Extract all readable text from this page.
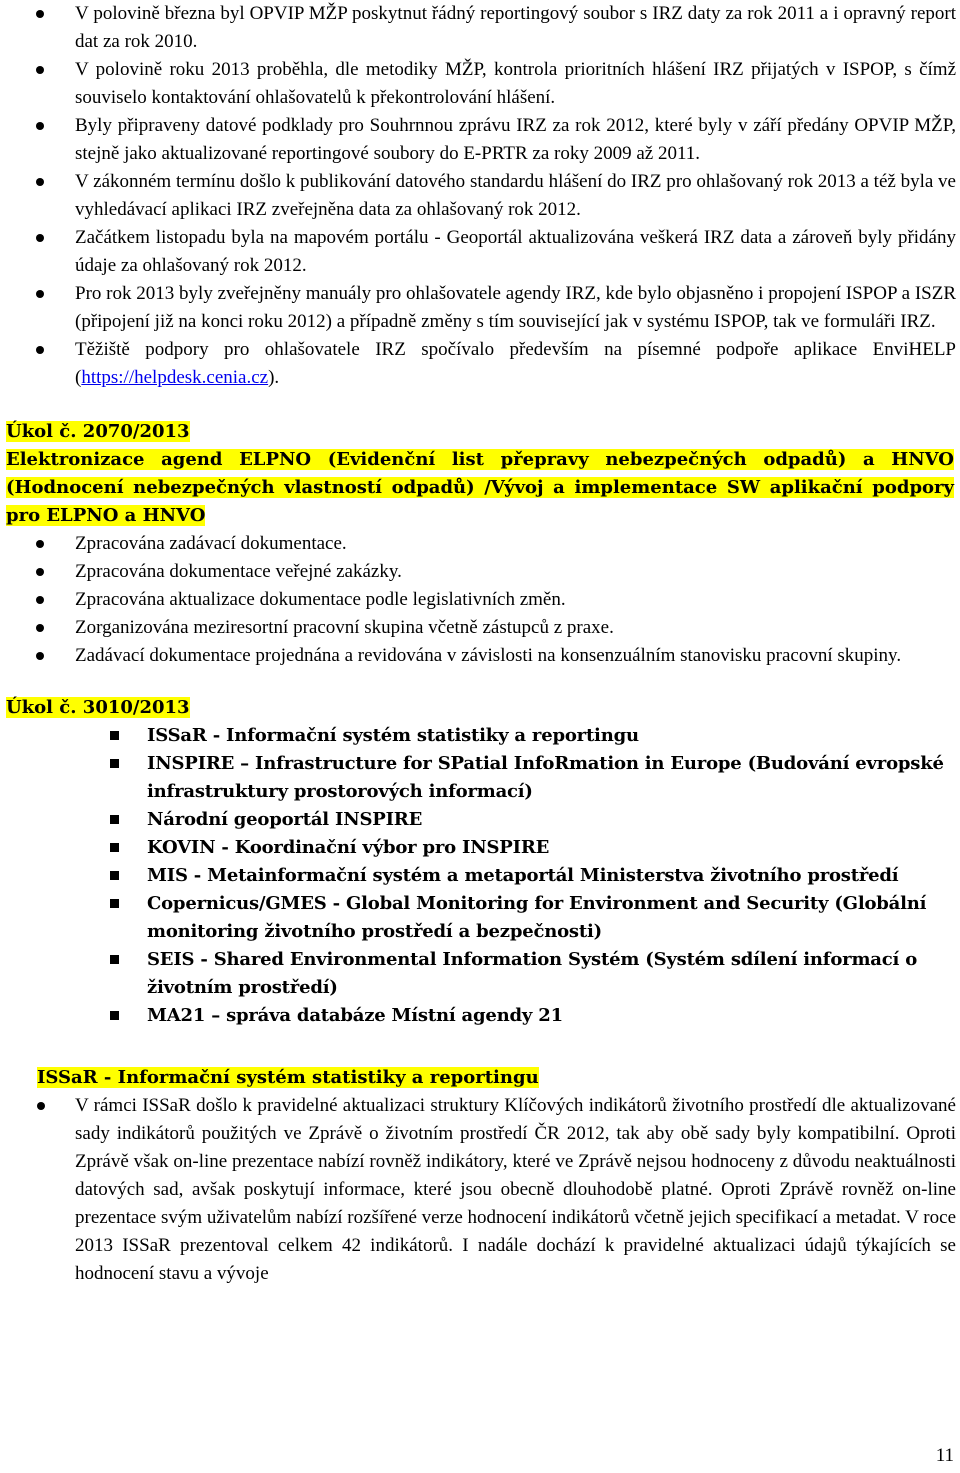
V polovině března byl OPVIP MŽP poskytnut řádný reportingový soubor s IRZ daty za rok 2011 a i opravný report dat za rok 2010.
V polovině roku 2013 proběhla, dle metodiky MŽP, kontrola prioritních hlášení IRZ přijatých v ISPOP, s čímž souviselo kontaktování ohlašovatelů k překontrolování hlášení.
Byly připraveny datové podklady pro Souhrnnou zprávu IRZ za rok 2012, které byly v září předány OPVIP MŽP, stejně jako aktualizované reportingové soubory do E-PRTR za roky 2009 až 2011.
V zákonném termínu došlo k publikování datového standardu hlášení do IRZ pro ohlašovaný rok 2013 a též byla ve vyhledávací aplikaci IRZ zveřejněna data za ohlašovaný rok 2012.
Začátkem listopadu byla na mapovém portálu - Geoportál aktualizována veškerá IRZ data a zároveň byly přidány údaje za ohlašovaný rok 2012.
Pro rok 2013 byly zveřejněny manuály pro ohlašovatele agendy IRZ, kde bylo objasněno i propojení ISPOP a ISZR (připojení již na konci roku 2012) a případně změny s tím související jak v systému ISPOP, tak ve formuláři IRZ.
Těžiště podpory pro ohlašovatele IRZ spočívalo především na písemné podpoře aplikace EnviHELP (https://helpdesk.cenia.cz).
Úkol č. 2070/2013
Elektronizace agend ELPNO (Evidenční list přepravy nebezpečných odpadů) a HNVO (Hodnocení nebezpečných vlastností odpadů) /Vývoj a implementace SW aplikační podpory pro ELPNO a HNVO
Zpracována zadávací dokumentace.
Zpracována dokumentace veřejné zakázky.
Zpracována aktualizace dokumentace podle legislativních změn.
Zorganizována meziresortní pracovní skupina včetně zástupců z praxe.
Zadávací dokumentace projednána a revidována v závislosti na konsenzuálním stanovisku pracovní skupiny.
Úkol č. 3010/2013
ISSaR - Informační systém statistiky a reportingu
INSPIRE – Infrastructure for SPatial InfoRmation in Europe (Budování evropské infrastruktury prostorových informací)
Národní geoportál INSPIRE
KOVIN - Koordinační výbor pro INSPIRE
MIS - Metainformační systém a metaportál Ministerstva životního prostředí
Copernicus/GMES - Global Monitoring for Environment and Security (Globální monitoring životního prostředí a bezpečnosti)
SEIS - Shared Environmental Information Systém (Systém sdílení informací o životním prostředí)
MA21 – správa databáze Místní agendy 21
ISSaR - Informační systém statistiky a reportingu
V rámci ISSaR došlo k pravidelné aktualizaci struktury Klíčových indikátorů životního prostředí dle aktualizované sady indikátorů použitých ve Zprávě o životním prostředí ČR 2012, tak aby obě sady byly kompatibilní. Oproti Zprávě však on-line prezentace nabízí rovněž indikátory, které ve Zprávě nejsou hodnoceny z důvodu neaktuálnosti datových sad, avšak poskytují informace, které jsou obecně dlouhodobě platné. Oproti Zprávě rovněž on-line prezentace svým uživatelům nabízí rozšířené verze hodnocení indikátorů včetně jejich specifikací a metadat. V roce 2013 ISSaR prezentoval celkem 42 indikátorů. I nadále dochází k pravidelné aktualizaci údajů týkajících se hodnocení stavu a vývoje
11
